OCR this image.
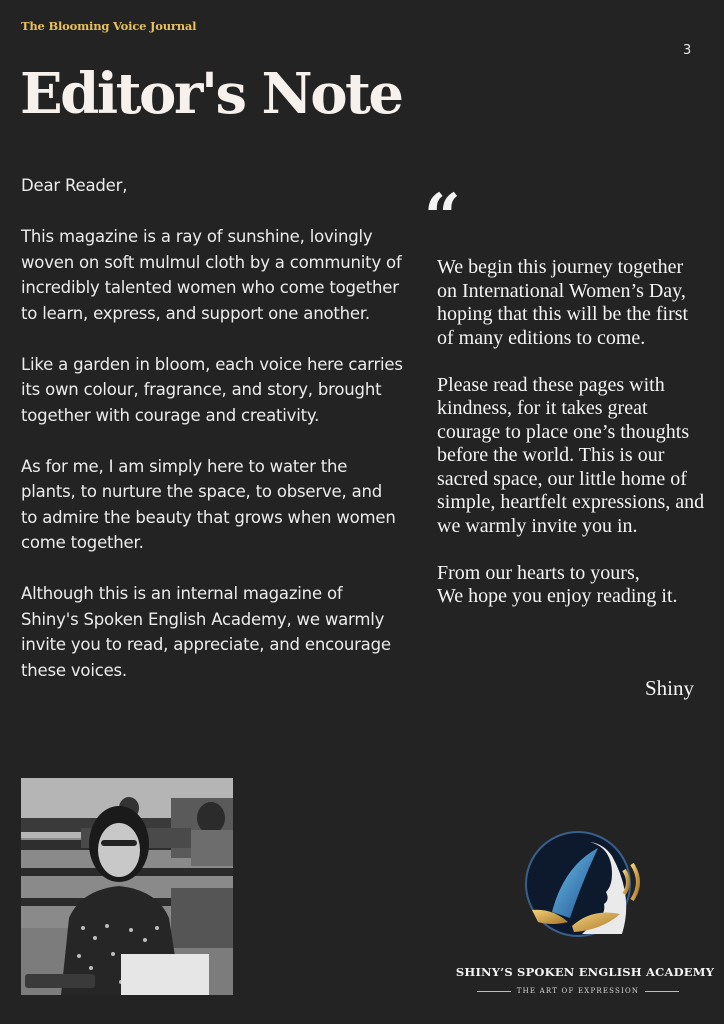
The Blooming Voice Journal
3
Editor's Note

Dear Reader,

This magazine is a ray of sunshine, lovingly woven on soft mulmul cloth by a community of incredibly talented women who come together to learn, express, and support one another.

Like a garden in bloom, each voice here carries its own colour, fragrance, and story, brought together with courage and creativity.

As for me, I am simply here to water the plants, to nurture the space, to observe, and to admire the beauty that grows when women come together.

Although this is an internal magazine of Shiny's Spoken English Academy, we warmly invite you to read, appreciate, and encourage these voices.

“

We begin this journey together on International Women’s Day, hoping that this will be the first of many editions to come.

Please read these pages with kindness, for it takes great courage to place one’s thoughts before the world. This is our sacred space, our little home of simple, heartfelt expressions, and we warmly invite you in.

From our hearts to yours,
We hope you enjoy reading it.

Shiny
SHINY’S SPOKEN ENGLISH ACADEMY
THE ART OF EXPRESSION
